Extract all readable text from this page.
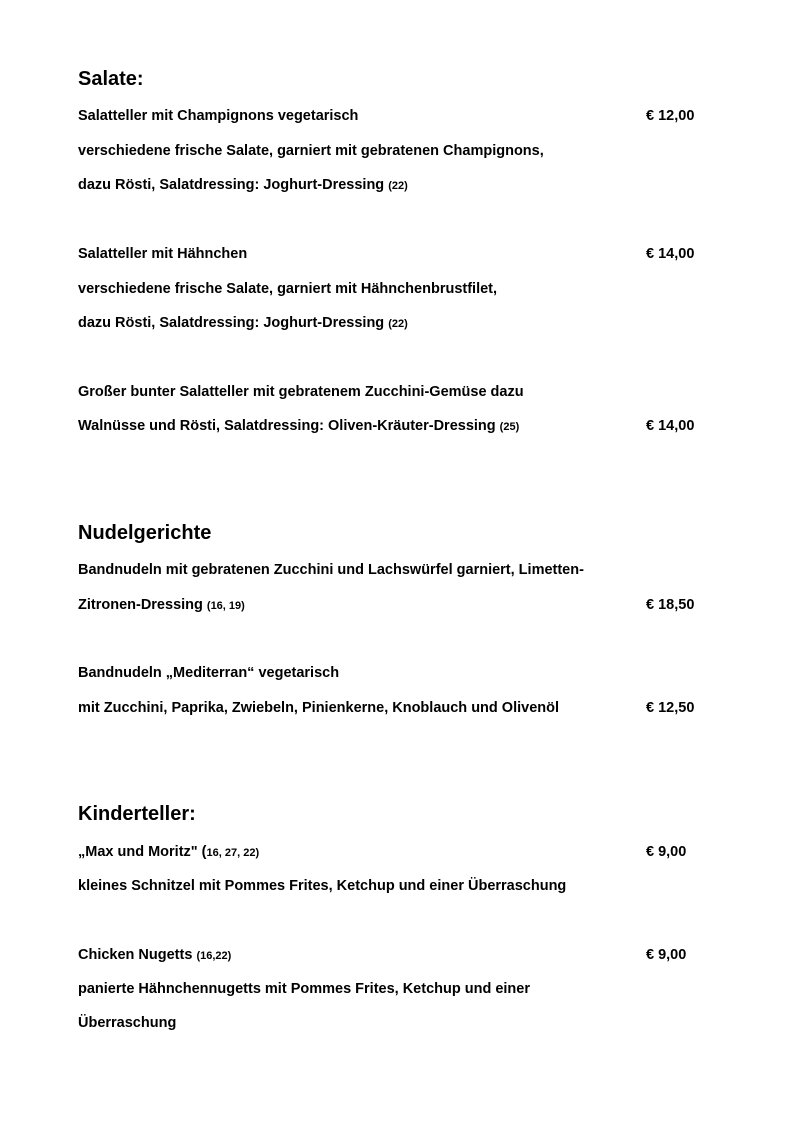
Salate:
Salatteller mit Champignons vegetarisch	€ 12,00
verschiedene frische Salate, garniert mit gebratenen Champignons,
dazu Rösti, Salatdressing: Joghurt-Dressing (22)
Salatteller mit Hähnchen	€ 14,00
verschiedene frische Salate, garniert mit Hähnchenbrustfilet,
dazu Rösti, Salatdressing: Joghurt-Dressing (22)
Großer bunter Salatteller mit gebratenem Zucchini-Gemüse dazu
Walnüsse und Rösti, Salatdressing: Oliven-Kräuter-Dressing (25)	€ 14,00
Nudelgerichte
Bandnudeln mit gebratenen Zucchini und Lachswürfel garniert, Limetten-
Zitronen-Dressing (16, 19)	€ 18,50
Bandnudeln „Mediterran“ vegetarisch
mit Zucchini, Paprika, Zwiebeln, Pinienkerne, Knoblauch und Olivenöl	€ 12,50
Kinderteller:
„Max und Moritz" (16, 27, 22)	€ 9,00
kleines Schnitzel mit Pommes Frites, Ketchup und einer Überraschung
Chicken Nugetts (16,22)	€ 9,00
panierte Hähnchennugetts mit Pommes Frites, Ketchup und einer
Überraschung
